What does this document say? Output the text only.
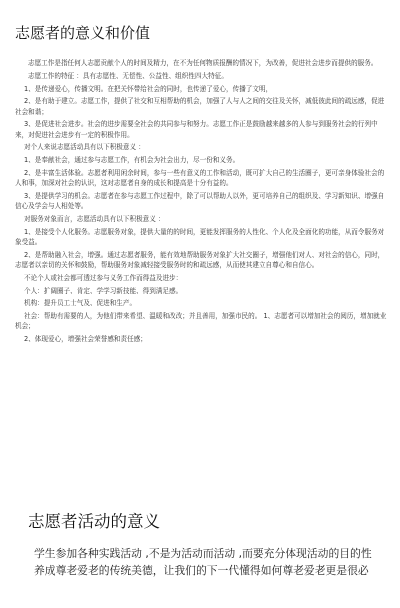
志愿者的意义和价值

志愿工作是指任何人志愿贡献个人的时间及精力，在不为任何物质报酬的情况下，为改善，促进社会进步而提供的服务。

志愿工作的特征 ：具有志愿性、无偿性、公益性、组织性四大特征。

1、是传递爱心，传播文明。在把关怀带给社会的同时，也传递了爱心，传播了文明，

2、是有助于建立。志愿工作，提供了社交和互相帮助的机会，加强了人与人之间的交往及关怀，减低彼此间的疏远感，促进社会和谐；

3、是促进社会进步。社会的进步需要全社会的共同参与和努力。志愿工作正是鼓励越来越多的人参与到服务社会的行列中来，对促进社会进步有一定的积极作用。

对个人来说志愿活动具有以下积极意义 ：

1、是奉献社会，通过参与志愿工作，有机会为社会出力，尽一份和义务。

2、是丰富生活体验。志愿者利用闲余时间，参与一些有意义的工作和活动，既可扩大自己的生活圈子，更可亲身体验社会的人和事，加深对社会的认识，这对志愿者自身的成长和提高是十分有益的。

3、是提供学习的机会。志愿者在参与志愿工作过程中，除了可以帮助人以外，更可培养自己的组织及、学习新知识、增强自信心及学会与人相处等。

对服务对象而言，志愿活动具有以下积极意义 ：

1、是接受个人化服务。志愿服务对象，提供大量的的时间，更能发挥服务的人性化、个人化及全面化的功能，从而令服务对象受益。

2、是帮助融入社会，增强。通过志愿者服务，能有效地帮助服务对象扩大社交圈子，增强他们对人、对社会的信心，同时，志愿者以亲切的关怀和鼓励，帮助服务对象减轻接受服务时的和疏远感，从而使其建立自尊心和自信心。

不论个人或社会都可透过参与义务工作而得益及进步：

个人：扩阔圈子、肯定、学学习新技能、得到满足感。

机构：提升员工士气及、促进和生产。

社会：帮助有需要的人，为他们带来希望、温暖和改改；并且善用，加强市民的。 1、志愿者可以增加社会的阅历，增加就业机会；

2、体现爱心，增强社会荣誉感和责任感；

志愿者活动的意义

学生参加各种实践活动 ,不是为活动而活动 ,而要充分体现活动的目的性

养成尊老爱老的传统美德，让我们的下一代懂得如何尊老爱老更是很必
